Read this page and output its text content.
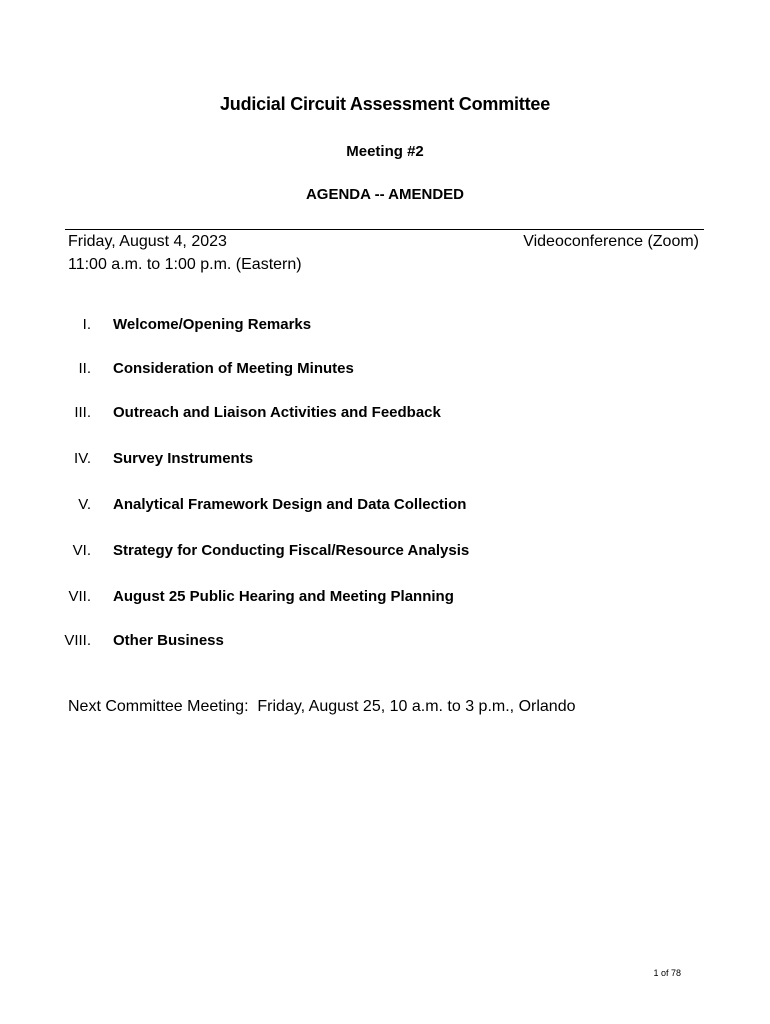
Judicial Circuit Assessment Committee
Meeting #2
AGENDA -- AMENDED
Friday, August 4, 2023
11:00 a.m. to 1:00 p.m. (Eastern)
Videoconference (Zoom)
I. Welcome/Opening Remarks
II. Consideration of Meeting Minutes
III. Outreach and Liaison Activities and Feedback
IV. Survey Instruments
V. Analytical Framework Design and Data Collection
VI. Strategy for Conducting Fiscal/Resource Analysis
VII. August 25 Public Hearing and Meeting Planning
VIII. Other Business
Next Committee Meeting:  Friday, August 25, 10 a.m. to 3 p.m., Orlando
1 of 78
